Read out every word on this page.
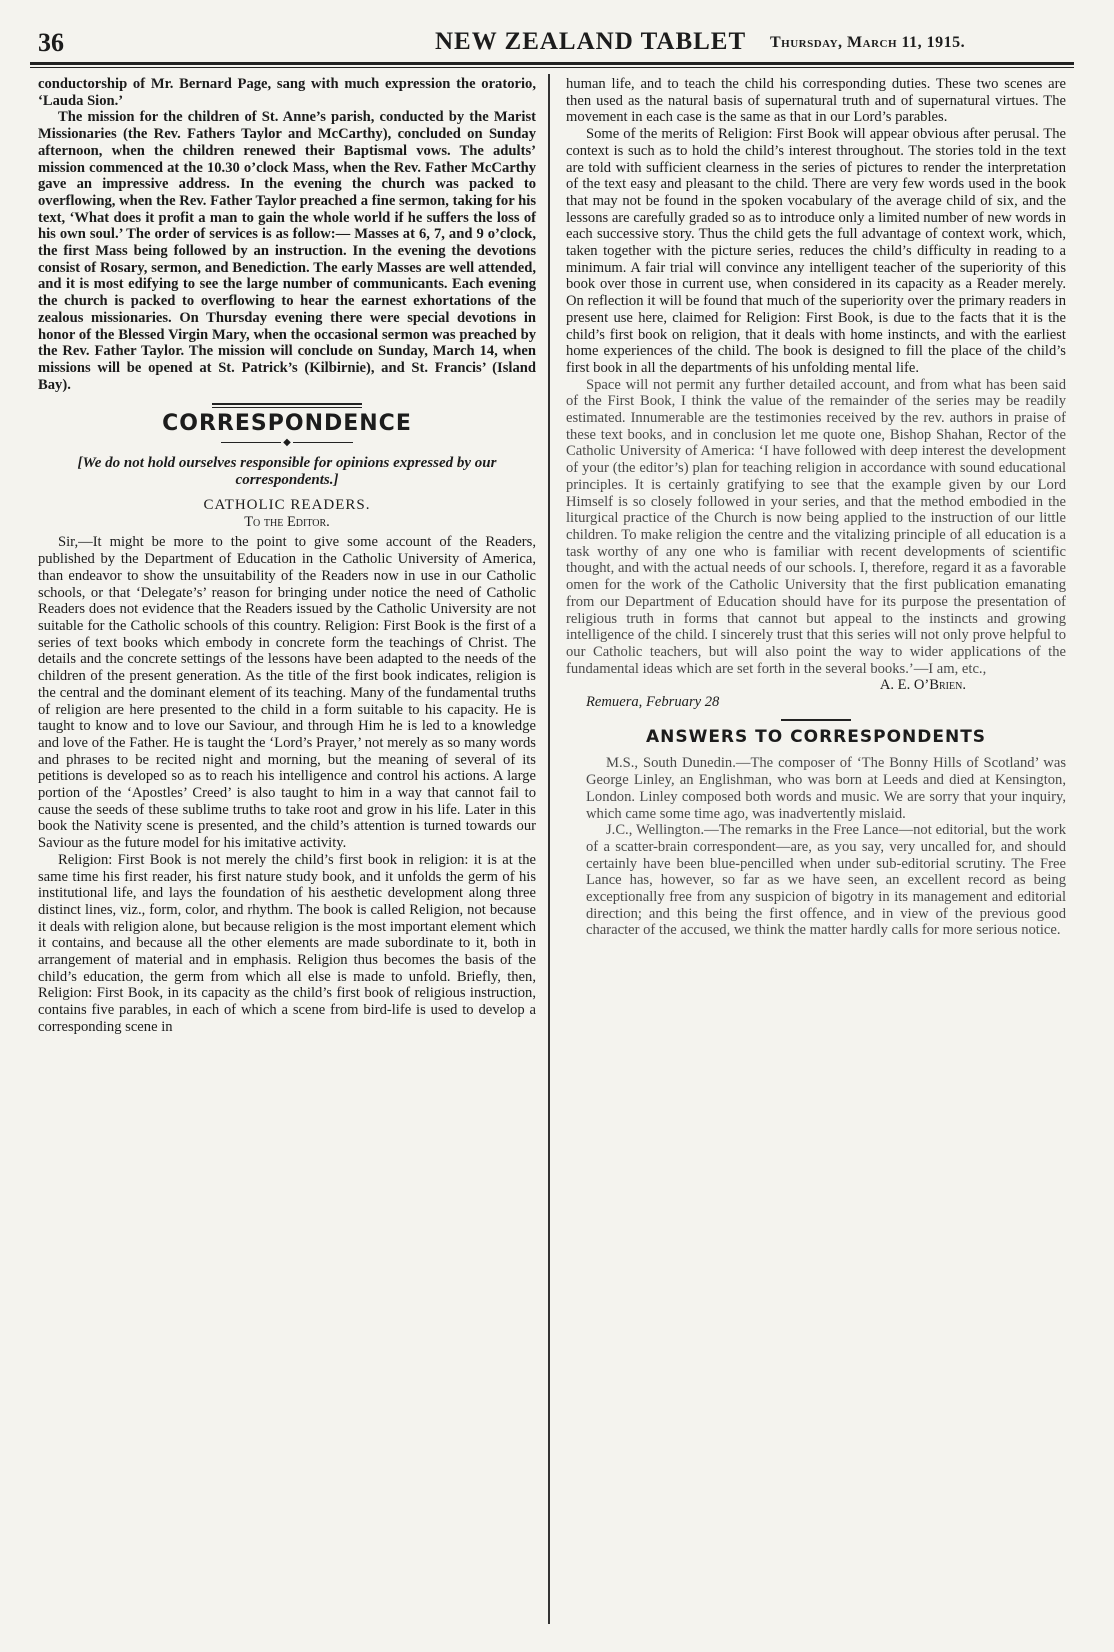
36	NEW ZEALAND TABLET Thursday, March 11, 1915.

conductorship of Mr. Bernard Page, sang with much expression the oratorio, ‘Lauda Sion.’

The mission for the children of St. Anne’s parish, conducted by the Marist Missionaries (the Rev. Fathers Taylor and McCarthy), concluded on Sunday afternoon, when the children renewed their Baptismal vows. The adults’ mission commenced at the 10.30 o’clock Mass, when the Rev. Father McCarthy gave an impressive address. In the evening the church was packed to overflowing, when the Rev. Father Taylor preached a fine sermon, taking for his text, ‘What does it profit a man to gain the whole world if he suffers the loss of his own soul.’ The order of services is as follow:— Masses at 6, 7, and 9 o’clock, the first Mass being followed by an instruction. In the evening the devotions consist of Rosary, sermon, and Benediction. The early Masses are well attended, and it is most edifying to see the large number of communicants. Each evening the church is packed to overflowing to hear the earnest exhortations of the zealous missionaries. On Thursday evening there were special devotions in honor of the Blessed Virgin Mary, when the occasional sermon was preached by the Rev. Father Taylor. The mission will conclude on Sunday, March 14, when missions will be opened at St. Patrick’s (Kilbirnie), and St. Francis’ (Island Bay).

CORRESPONDENCE
◆
[We do not hold ourselves responsible for opinions expressed by our correspondents.]
CATHOLIC READERS.
To the Editor.

Sir,—It might be more to the point to give some account of the Readers, published by the Department of Education in the Catholic University of America, than endeavor to show the unsuitability of the Readers now in use in our Catholic schools, or that ‘Delegate’s’ reason for bringing under notice the need of Catholic Readers does not evidence that the Readers issued by the Catholic University are not suitable for the Catholic schools of this country. Religion: First Book is the first of a series of text books which embody in concrete form the teachings of Christ. The details and the concrete settings of the lessons have been adapted to the needs of the children of the present generation. As the title of the first book indicates, religion is the central and the dominant element of its teaching. Many of the fundamental truths of religion are here presented to the child in a form suitable to his capacity. He is taught to know and to love our Saviour, and through Him he is led to a knowledge and love of the Father. He is taught the ‘Lord’s Prayer,’ not merely as so many words and phrases to be recited night and morning, but the meaning of several of its petitions is developed so as to reach his intelligence and control his actions. A large portion of the ‘Apostles’ Creed’ is also taught to him in a way that cannot fail to cause the seeds of these sublime truths to take root and grow in his life. Later in this book the Nativity scene is presented, and the child’s attention is turned towards our Saviour as the future model for his imitative activity.

Religion: First Book is not merely the child’s first book in religion: it is at the same time his first reader, his first nature study book, and it unfolds the germ of his institutional life, and lays the foundation of his aesthetic development along three distinct lines, viz., form, color, and rhythm. The book is called Religion, not because it deals with religion alone, but because religion is the most important element which it contains, and because all the other elements are made subordinate to it, both in arrangement of material and in emphasis. Religion thus becomes the basis of the child’s education, the germ from which all else is made to unfold. Briefly, then, Religion: First Book, in its capacity as the child’s first book of religious instruction, contains five parables, in each of which a scene from bird-life is used to develop a corresponding scene in

human life, and to teach the child his corresponding duties. These two scenes are then used as the natural basis of supernatural truth and of supernatural virtues. The movement in each case is the same as that in our Lord’s parables.

Some of the merits of Religion: First Book will appear obvious after perusal. The context is such as to hold the child’s interest throughout. The stories told in the text are told with sufficient clearness in the series of pictures to render the interpretation of the text easy and pleasant to the child. There are very few words used in the book that may not be found in the spoken vocabulary of the average child of six, and the lessons are carefully graded so as to introduce only a limited number of new words in each successive story. Thus the child gets the full advantage of context work, which, taken together with the picture series, reduces the child’s difficulty in reading to a minimum. A fair trial will convince any intelligent teacher of the superiority of this book over those in current use, when considered in its capacity as a Reader merely. On reflection it will be found that much of the superiority over the primary readers in present use here, claimed for Religion: First Book, is due to the facts that it is the child’s first book on religion, that it deals with home instincts, and with the earliest home experiences of the child. The book is designed to fill the place of the child’s first book in all the departments of his unfolding mental life.

Space will not permit any further detailed account, and from what has been said of the First Book, I think the value of the remainder of the series may be readily estimated. Innumerable are the testimonies received by the rev. authors in praise of these text books, and in conclusion let me quote one, Bishop Shahan, Rector of the Catholic University of America: ‘I have followed with deep interest the development of your (the editor’s) plan for teaching religion in accordance with sound educational principles. It is certainly gratifying to see that the example given by our Lord Himself is so closely followed in your series, and that the method embodied in the liturgical practice of the Church is now being applied to the instruction of our little children. To make religion the centre and the vitalizing principle of all education is a task worthy of any one who is familiar with recent developments of scientific thought, and with the actual needs of our schools. I, therefore, regard it as a favorable omen for the work of the Catholic University that the first publication emanating from our Department of Education should have for its purpose the presentation of religious truth in forms that cannot but appeal to the instincts and growing intelligence of the child. I sincerely trust that this series will not only prove helpful to our Catholic teachers, but will also point the way to wider applications of the fundamental ideas which are set forth in the several books.’—I am, etc.,

A. E. O’Brien.

Remuera, February 28

ANSWERS TO CORRESPONDENTS

M.S., South Dunedin.—The composer of ‘The Bonny Hills of Scotland’ was George Linley, an Englishman, who was born at Leeds and died at Kensington, London. Linley composed both words and music. We are sorry that your inquiry, which came some time ago, was inadvertently mislaid.

J.C., Wellington.—The remarks in the Free Lance—not editorial, but the work of a scatter-brain correspondent—are, as you say, very uncalled for, and should certainly have been blue-pencilled when under sub-editorial scrutiny. The Free Lance has, however, so far as we have seen, an excellent record as being exceptionally free from any suspicion of bigotry in its management and editorial direction; and this being the first offence, and in view of the previous good character of the accused, we think the matter hardly calls for more serious notice.
